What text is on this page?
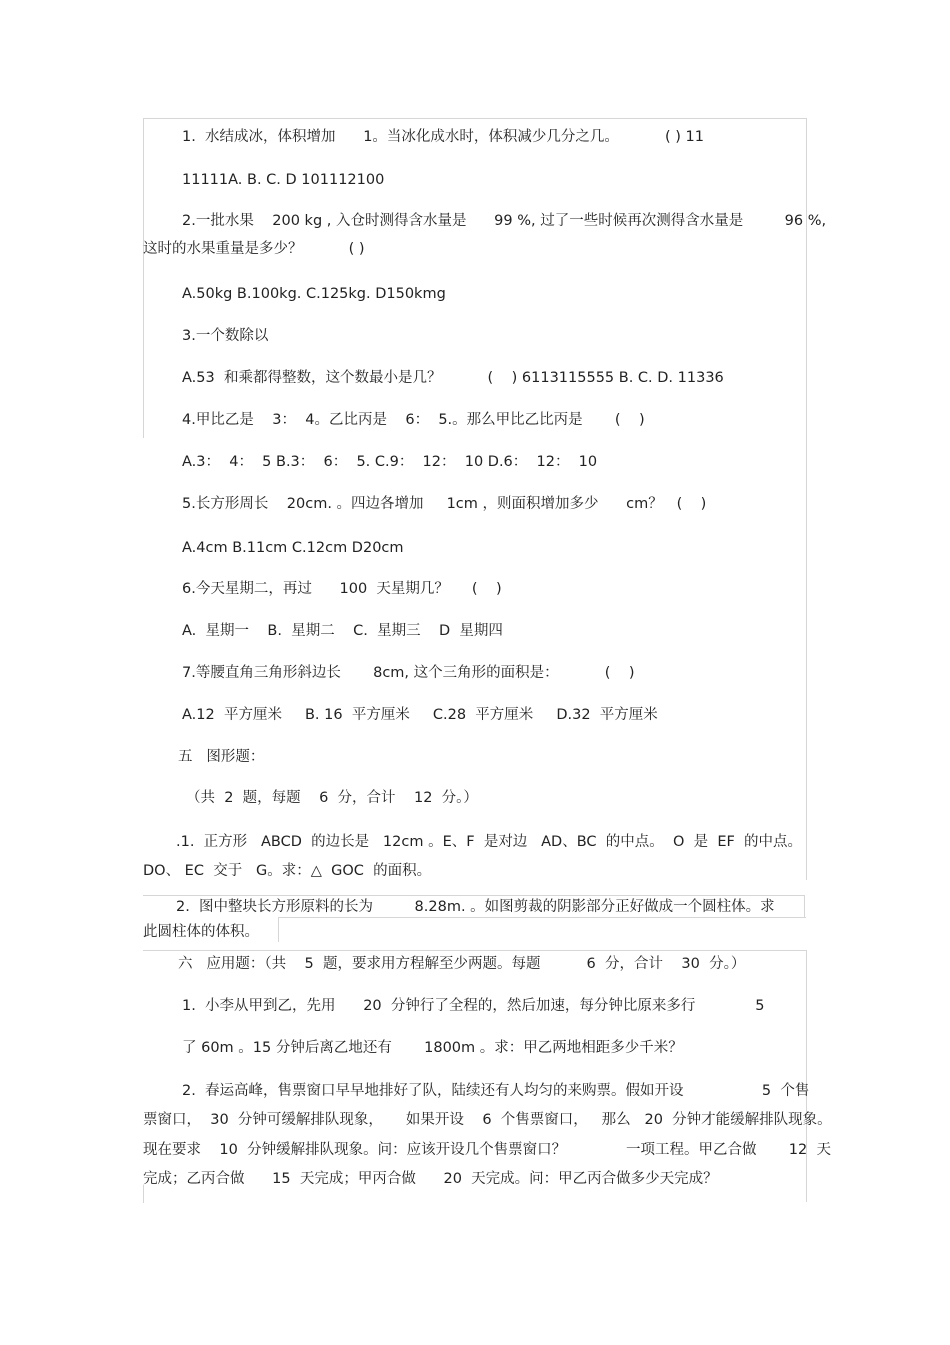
1.  水结成冰，体积增加      1。当冰化成水时，体积减少几分之几。          ( ) 11
11111A. B. C. D 101112100
2.一批水果    200 kg , 入仓时测得含水量是      99 %, 过了一些时候再次测得含水量是         96 %,
这时的水果重量是多少？          ( )
A.50kg B.100kg. C.125kg. D150kmg
3.一个数除以
A.53  和乘都得整数，这个数最小是几？          (    ) 6113115555 B. C. D. 11336
4.甲比乙是    3：  4。乙比丙是    6：  5.。那么甲比乙比丙是       (    )
A.3：  4：  5 B.3：  6：  5. C.9：  12：  10 D.6：  12：  10
5.长方形周长    20cm. 。四边各增加     1cm ，则面积增加多少      cm？   (    )
A.4cm B.11cm C.12cm D20cm
6.今天星期二，再过      100  天星期几？     (    )
A.  星期一    B.  星期二    C.  星期三    D  星期四
7.等腰直角三角形斜边长       8cm, 这个三角形的面积是：          (    )
A.12  平方厘米     B. 16  平方厘米     C.28  平方厘米     D.32  平方厘米
五   图形题：
（共  2  题，每题    6  分，合计    12  分。）
.1.  正方形   ABCD  的边长是   12cm 。E、F  是对边   AD、BC  的中点。  O  是  EF  的中点。
DO、 EC  交于   G。求：△  GOC  的面积。
2.  图中整块长方形原料的长为         8.28m. 。如图剪裁的阴影部分正好做成一个圆柱体。求
此圆柱体的体积。
六   应用题：（共    5  题，要求用方程解至少两题。每题          6  分，合计    30  分。）
1.  小李从甲到乙，先用      20  分钟行了全程的，然后加速，每分钟比原来多行             5
了 60m 。15 分钟后离乙地还有       1800m 。求：甲乙两地相距多少千米？
2.  春运高峰，售票窗口早早地排好了队，陆续还有人均匀的来购票。假如开设                 5  个售
票窗口，  30  分钟可缓解排队现象，     如果开设    6  个售票窗口，   那么   20  分钟才能缓解排队现象。
现在要求    10  分钟缓解排队现象。问：应该开设几个售票窗口？             一项工程。甲乙合做       12  天
完成；乙丙合做      15  天完成；甲丙合做      20  天完成。问：甲乙丙合做多少天完成？
